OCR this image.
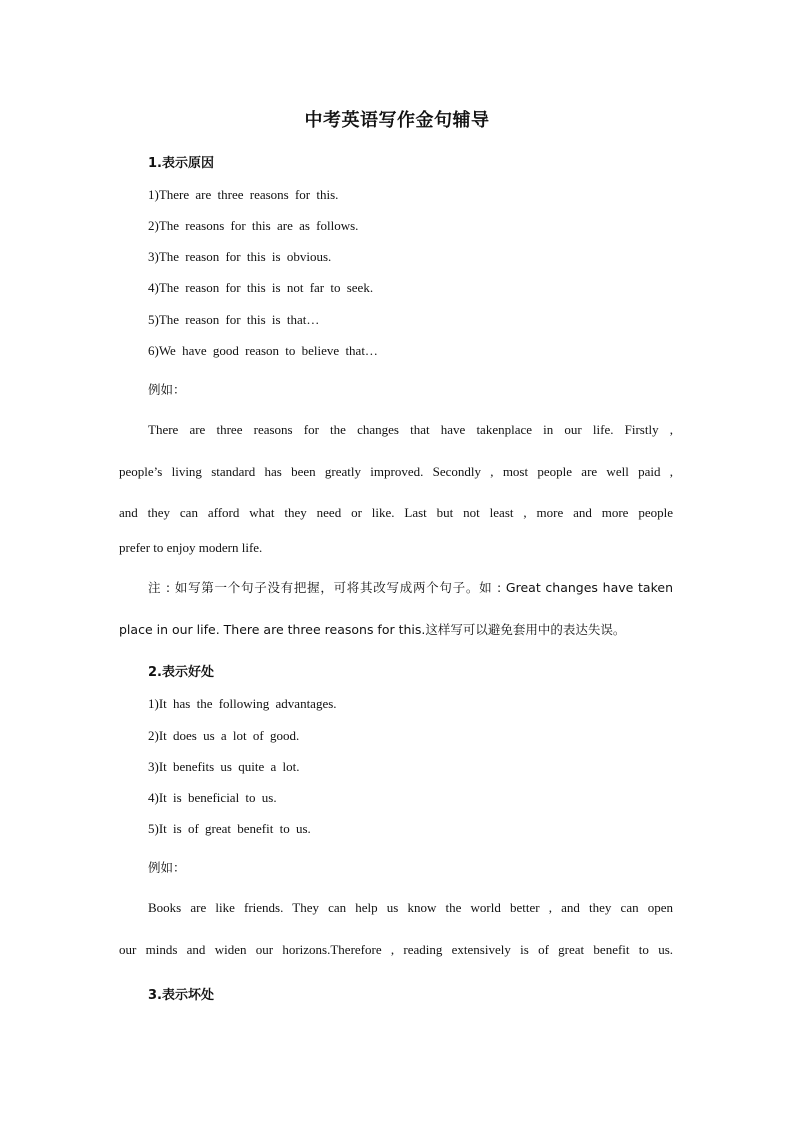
中考英语写作金句辅导
1.表示原因
1)There are three reasons for this.
2)The reasons for this are as follows.
3)The reason for this is obvious.
4)The reason for this is not far to seek.
5)The reason for this is that…
6)We have good reason to believe that…
例如：
There are three reasons for the changes that have takenplace in our life. Firstly ,
people’s living standard has been greatly improved. Secondly , most people are well paid ,
and they can afford what they need or like. Last but not least , more and more people
prefer to enjoy modern life.
注 : 如写第一个句子没有把握，可将其改写成两个句子。如 : Great changes have taken
place in our life. There are three reasons for this.这样写可以避免套用中的表达失误。
2.表示好处
1)It has the following advantages.
2)It does us a lot of good.
3)It benefits us quite a lot.
4)It is beneficial to us.
5)It is of great benefit to us.
例如：
Books are like friends. They can help us know the world better , and they can open
our minds and widen our horizons.Therefore , reading extensively is of great benefit to us.
3.表示坏处
